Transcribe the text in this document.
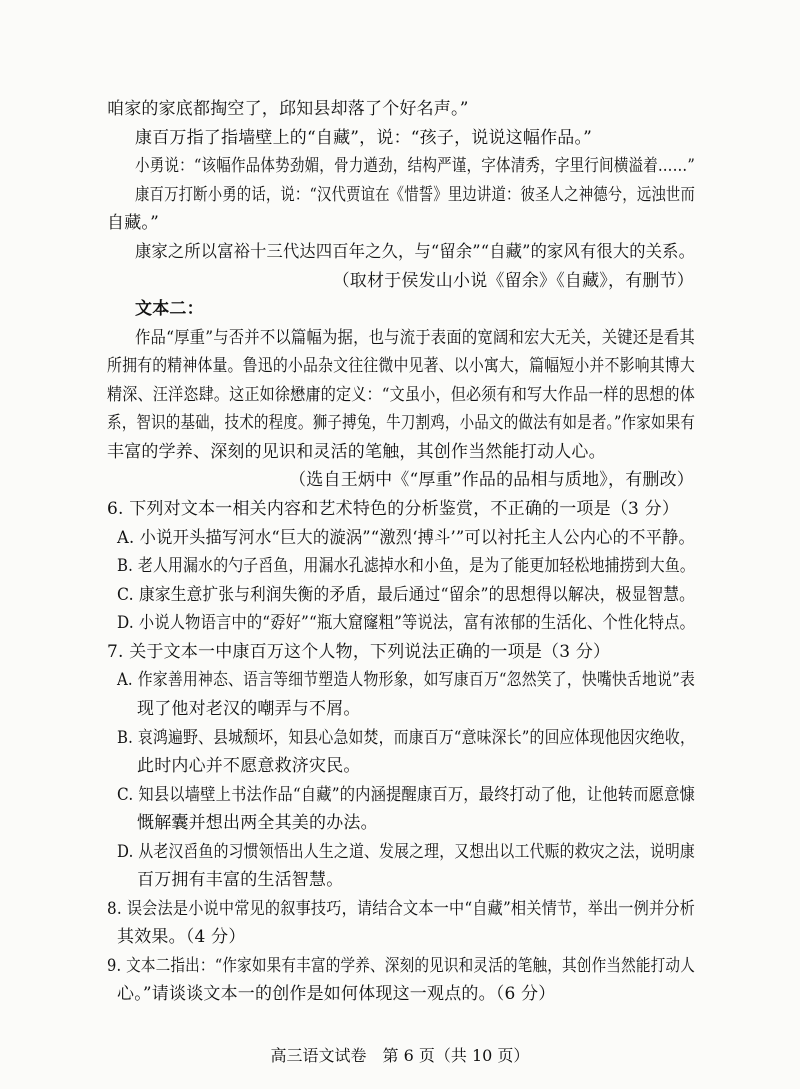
咱家的家底都掏空了，邱知县却落了个好名声。”
康百万指了指墙壁上的“自藏”，说：“孩子，说说这幅作品。”
小勇说：“该幅作品体势劲媚，骨力遒劲，结构严谨，字体清秀，字里行间横溢着……”
康百万打断小勇的话，说：“汉代贾谊在《惜誓》里边讲道：彼圣人之神德兮，远浊世而
自藏。”
康家之所以富裕十三代达四百年之久，与“留余”“自藏”的家风有很大的关系。
（取材于侯发山小说《留余》《自藏》，有删节）
文本二：
作品“厚重”与否并不以篇幅为据，也与流于表面的宽阔和宏大无关，关键还是看其
所拥有的精神体量。鲁迅的小品杂文往往微中见著、以小寓大，篇幅短小并不影响其博大
精深、汪洋恣肆。这正如徐懋庸的定义：“文虽小，但必须有和写大作品一样的思想的体
系，智识的基础，技术的程度。狮子搏兔，牛刀割鸡，小品文的做法有如是者。”作家如果有
丰富的学养、深刻的见识和灵活的笔触，其创作当然能打动人心。
（选自王炳中《“厚重”作品的品相与质地》，有删改）
6. 下列对文本一相关内容和艺术特色的分析鉴赏，不正确的一项是（3 分）
A. 小说开头描写河水“巨大的漩涡”“激烈‘搏斗’”可以衬托主人公内心的不平静。
B. 老人用漏水的勺子舀鱼，用漏水孔滤掉水和小鱼，是为了能更加轻松地捕捞到大鱼。
C. 康家生意扩张与利润失衡的矛盾，最后通过“留余”的思想得以解决，极显智慧。
D. 小说人物语言中的“孬好”“瓶大窟窿粗”等说法，富有浓郁的生活化、个性化特点。
7. 关于文本一中康百万这个人物，下列说法正确的一项是（3 分）
A. 作家善用神态、语言等细节塑造人物形象，如写康百万“忽然笑了，快嘴快舌地说”表
现了他对老汉的嘲弄与不屑。
B. 哀鸿遍野、县城颓坏，知县心急如焚，而康百万“意味深长”的回应体现他因灾绝收，
此时内心并不愿意救济灾民。
C. 知县以墙壁上书法作品“自藏”的内涵提醒康百万，最终打动了他，让他转而愿意慷
慨解囊并想出两全其美的办法。
D. 从老汉舀鱼的习惯领悟出人生之道、发展之理，又想出以工代赈的救灾之法，说明康
百万拥有丰富的生活智慧。
8. 误会法是小说中常见的叙事技巧，请结合文本一中“自藏”相关情节，举出一例并分析
其效果。（4 分）
9. 文本二指出：“作家如果有丰富的学养、深刻的见识和灵活的笔触，其创作当然能打动人
心。”请谈谈文本一的创作是如何体现这一观点的。（6 分）
高三语文试卷　第 6 页（共 10 页）
